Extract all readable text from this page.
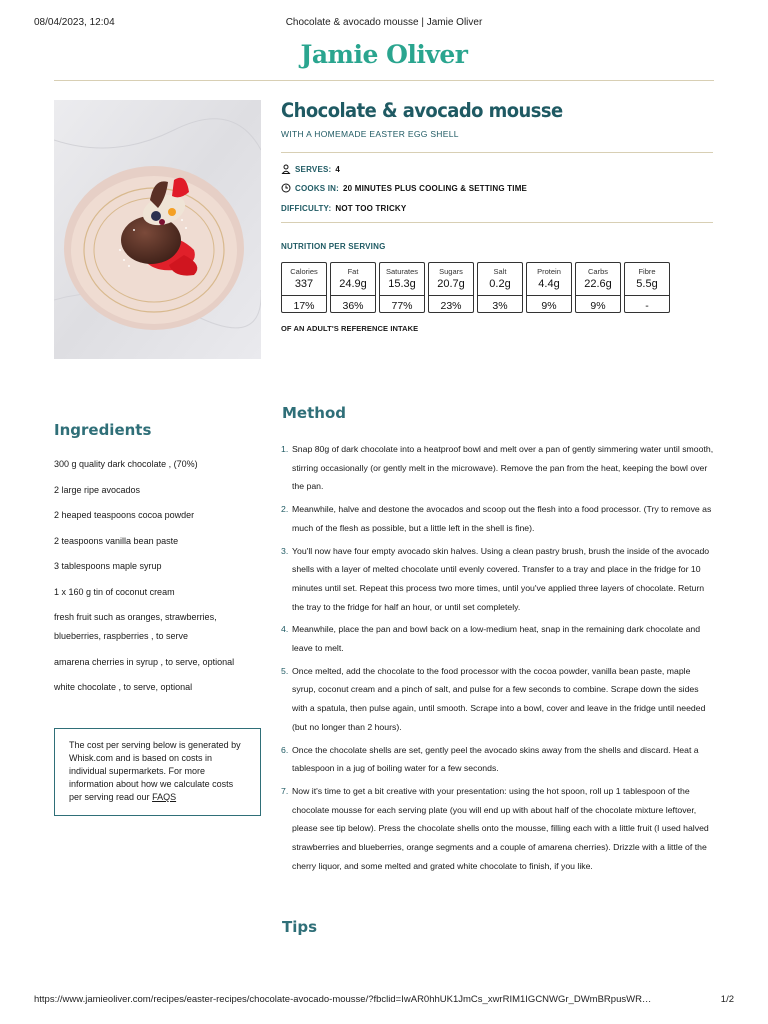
08/04/2023, 12:04	Chocolate & avocado mousse | Jamie Oliver
Jamie Oliver
Chocolate & avocado mousse
WITH A HOMEMADE EASTER EGG SHELL
SERVES: 4
COOKS IN: 20 MINUTES PLUS COOLING & SETTING TIME
DIFFICULTY: NOT TOO TRICKY
NUTRITION PER SERVING
Calories
337
17%
Fat
24.9g
36%
Saturates
15.3g
77%
Sugars
20.7g
23%
Salt
0.2g
3%
Protein
4.4g
9%
Carbs
22.6g
9%
Fibre
5.5g
-
OF AN ADULT'S REFERENCE INTAKE
Ingredients
300 g quality dark chocolate , (70%)
2 large ripe avocados
2 heaped teaspoons cocoa powder
2 teaspoons vanilla bean paste
3 tablespoons maple syrup
1 x 160 g tin of coconut cream
fresh fruit such as oranges, strawberries, blueberries, raspberries , to serve
amarena cherries in syrup , to serve, optional
white chocolate , to serve, optional
The cost per serving below is generated by Whisk.com and is based on costs in individual supermarkets. For more information about how we calculate costs per serving read our FAQS
Method
1. Snap 80g of dark chocolate into a heatproof bowl and melt over a pan of gently simmering water until smooth, stirring occasionally (or gently melt in the microwave). Remove the pan from the heat, keeping the bowl over the pan.
2. Meanwhile, halve and destone the avocados and scoop out the flesh into a food processor. (Try to remove as much of the flesh as possible, but a little left in the shell is fine).
3. You'll now have four empty avocado skin halves. Using a clean pastry brush, brush the inside of the avocado shells with a layer of melted chocolate until evenly covered. Transfer to a tray and place in the fridge for 10 minutes until set. Repeat this process two more times, until you've applied three layers of chocolate. Return the tray to the fridge for half an hour, or until set completely.
4. Meanwhile, place the pan and bowl back on a low-medium heat, snap in the remaining dark chocolate and leave to melt.
5. Once melted, add the chocolate to the food processor with the cocoa powder, vanilla bean paste, maple syrup, coconut cream and a pinch of salt, and pulse for a few seconds to combine. Scrape down the sides with a spatula, then pulse again, until smooth. Scrape into a bowl, cover and leave in the fridge until needed (but no longer than 2 hours).
6. Once the chocolate shells are set, gently peel the avocado skins away from the shells and discard. Heat a tablespoon in a jug of boiling water for a few seconds.
7. Now it's time to get a bit creative with your presentation: using the hot spoon, roll up 1 tablespoon of the chocolate mousse for each serving plate (you will end up with about half of the chocolate mixture leftover, please see tip below). Press the chocolate shells onto the mousse, filling each with a little fruit (I used halved strawberries and blueberries, orange segments and a couple of amarena cherries). Drizzle with a little of the cherry liquor, and some melted and grated white chocolate to finish, if you like.
Tips
https://www.jamieoliver.com/recipes/easter-recipes/chocolate-avocado-mousse/?fbclid=IwAR0hhUK1JmCs_xwrRIM1IGCNWGr_DWmBRpusWR…	1/2
